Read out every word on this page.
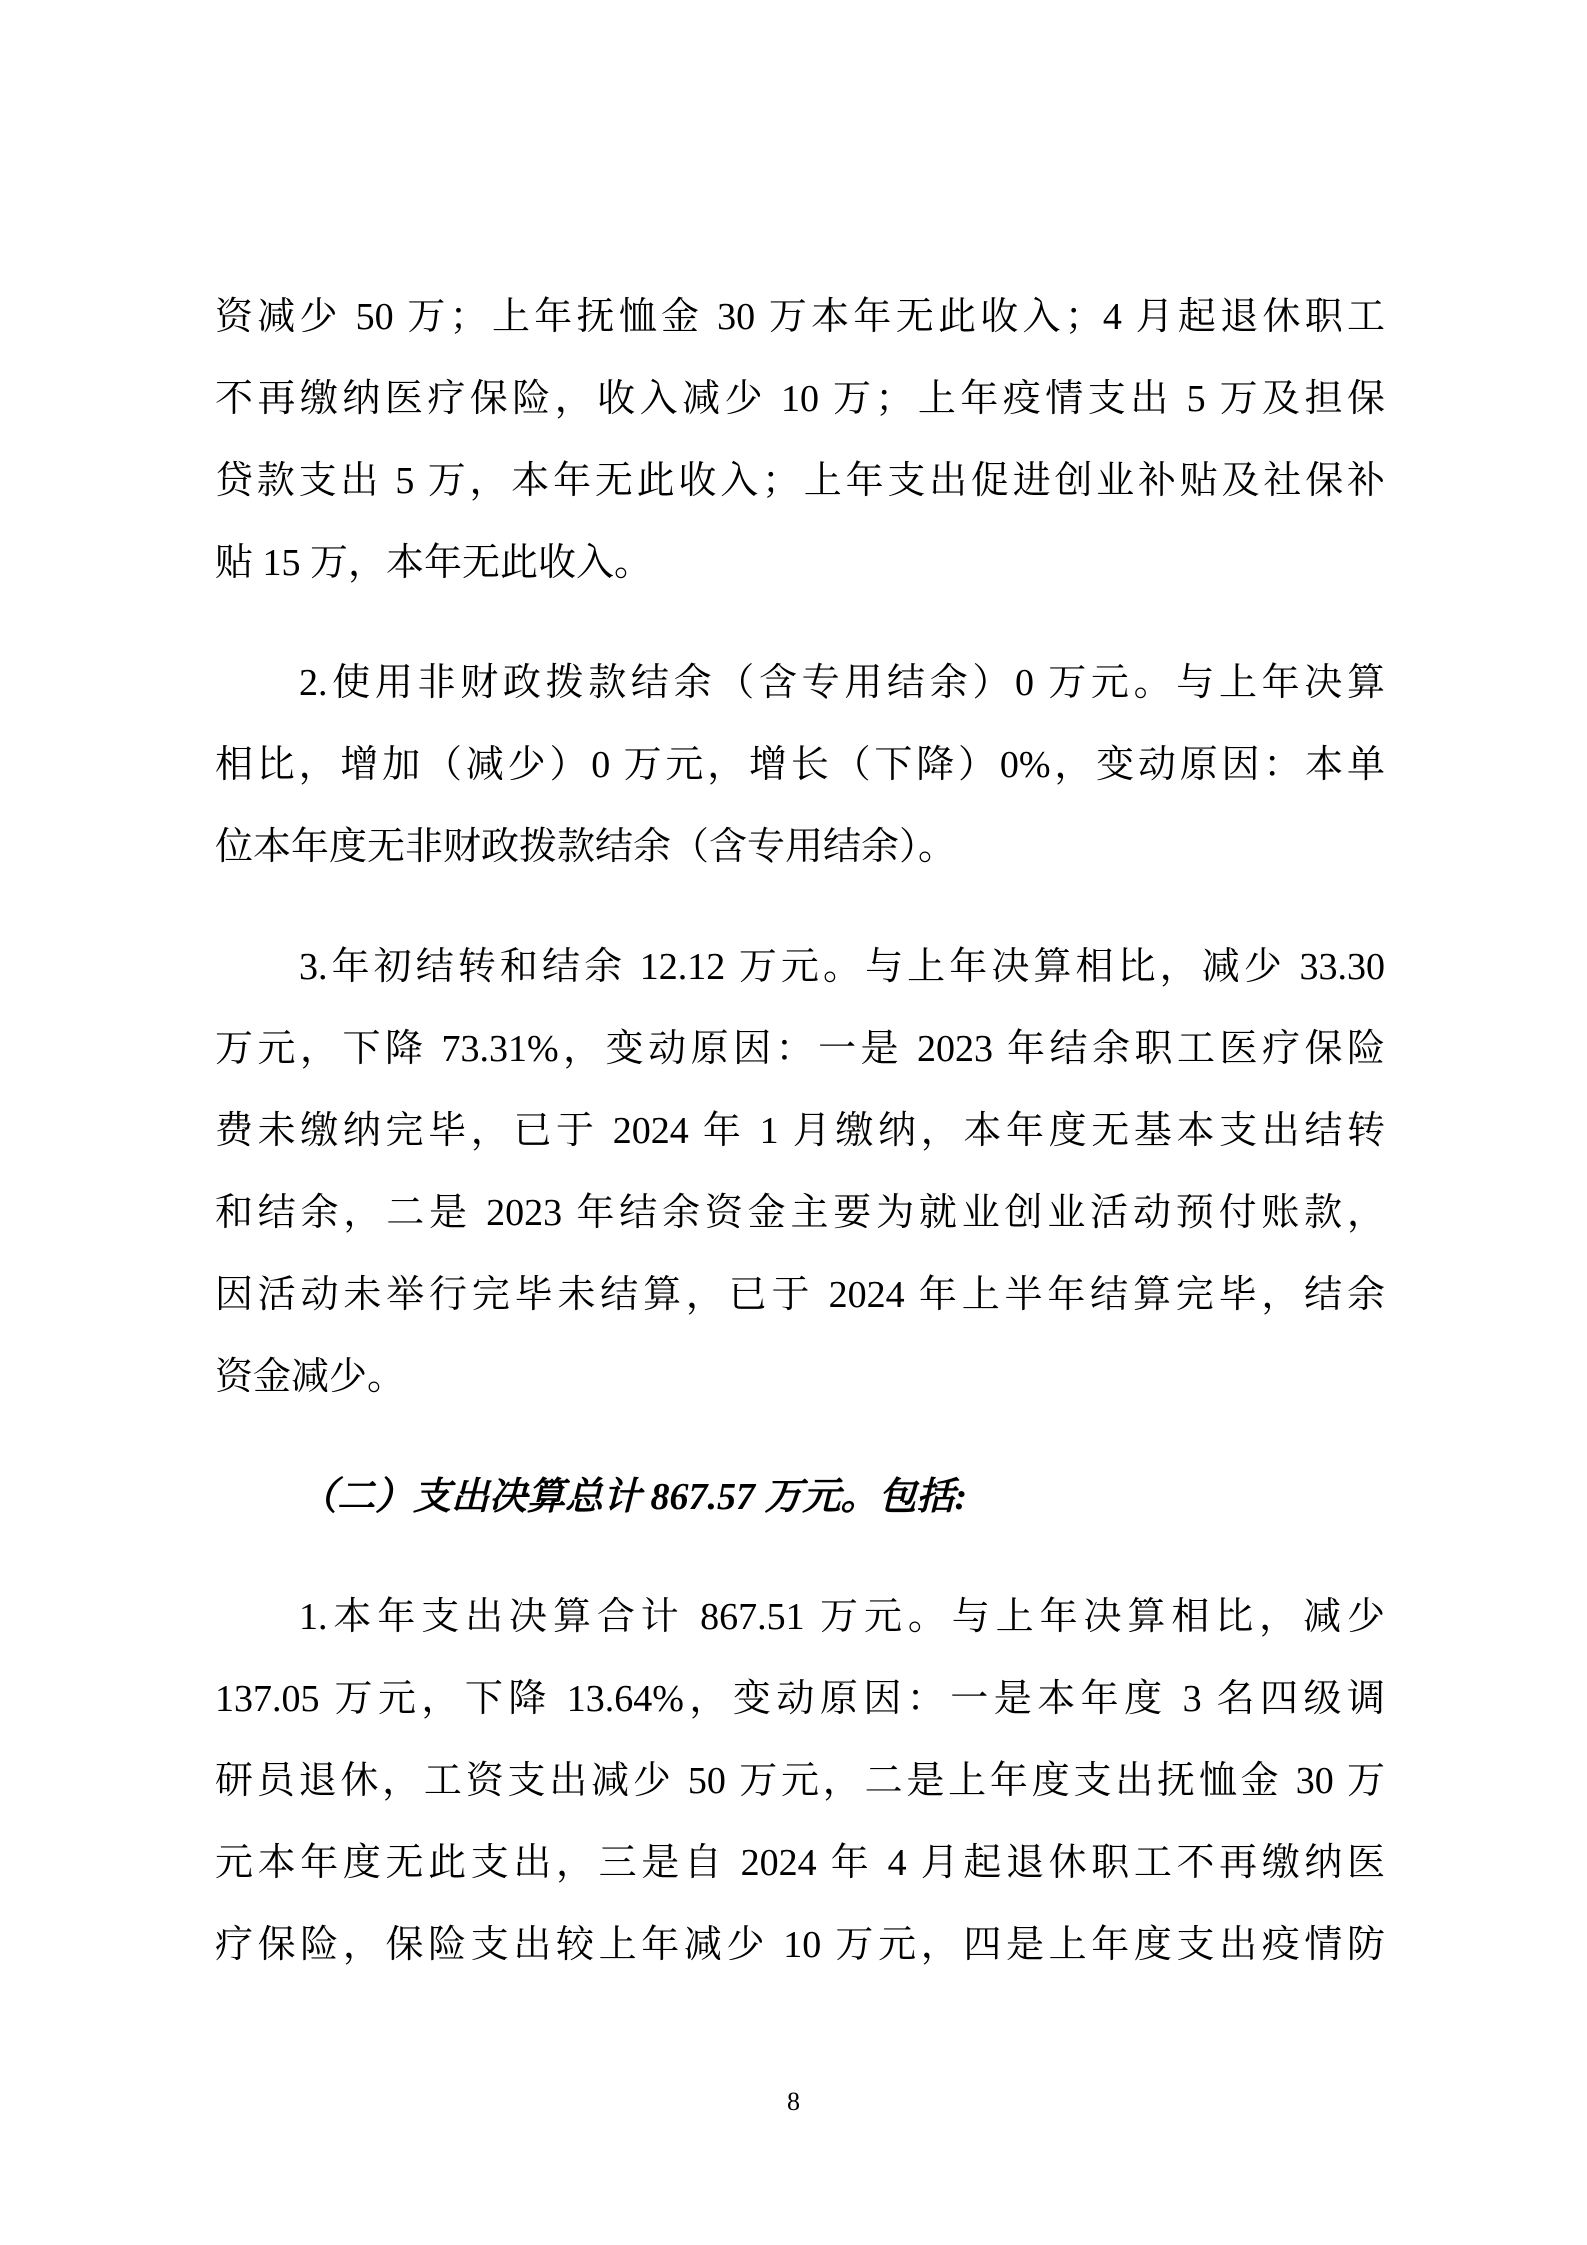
资减少 50 万；上年抚恤金 30 万本年无此收入；4 月起退休职工
不再缴纳医疗保险，收入减少 10 万；上年疫情支出 5 万及担保
贷款支出 5 万，本年无此收入；上年支出促进创业补贴及社保补
贴 15 万，本年无此收入。

2.使用非财政拨款结余（含专用结余）0 万元。与上年决算
相比，增加（减少）0 万元，增长（下降）0%，变动原因：本单
位本年度无非财政拨款结余（含专用结余）。

3.年初结转和结余 12.12 万元。与上年决算相比，减少 33.30
万元，下降 73.31%，变动原因：一是 2023 年结余职工医疗保险
费未缴纳完毕，已于 2024 年 1 月缴纳，本年度无基本支出结转
和结余，二是 2023 年结余资金主要为就业创业活动预付账款，
因活动未举行完毕未结算，已于 2024 年上半年结算完毕，结余
资金减少。

（二）支出决算总计 867.57 万元。包括:

1.本年支出决算合计 867.51 万元。与上年决算相比，减少
137.05 万元，下降 13.64%，变动原因：一是本年度 3 名四级调
研员退休，工资支出减少 50 万元，二是上年度支出抚恤金 30 万
元本年度无此支出，三是自 2024 年 4 月起退休职工不再缴纳医
疗保险，保险支出较上年减少 10 万元，四是上年度支出疫情防

8
